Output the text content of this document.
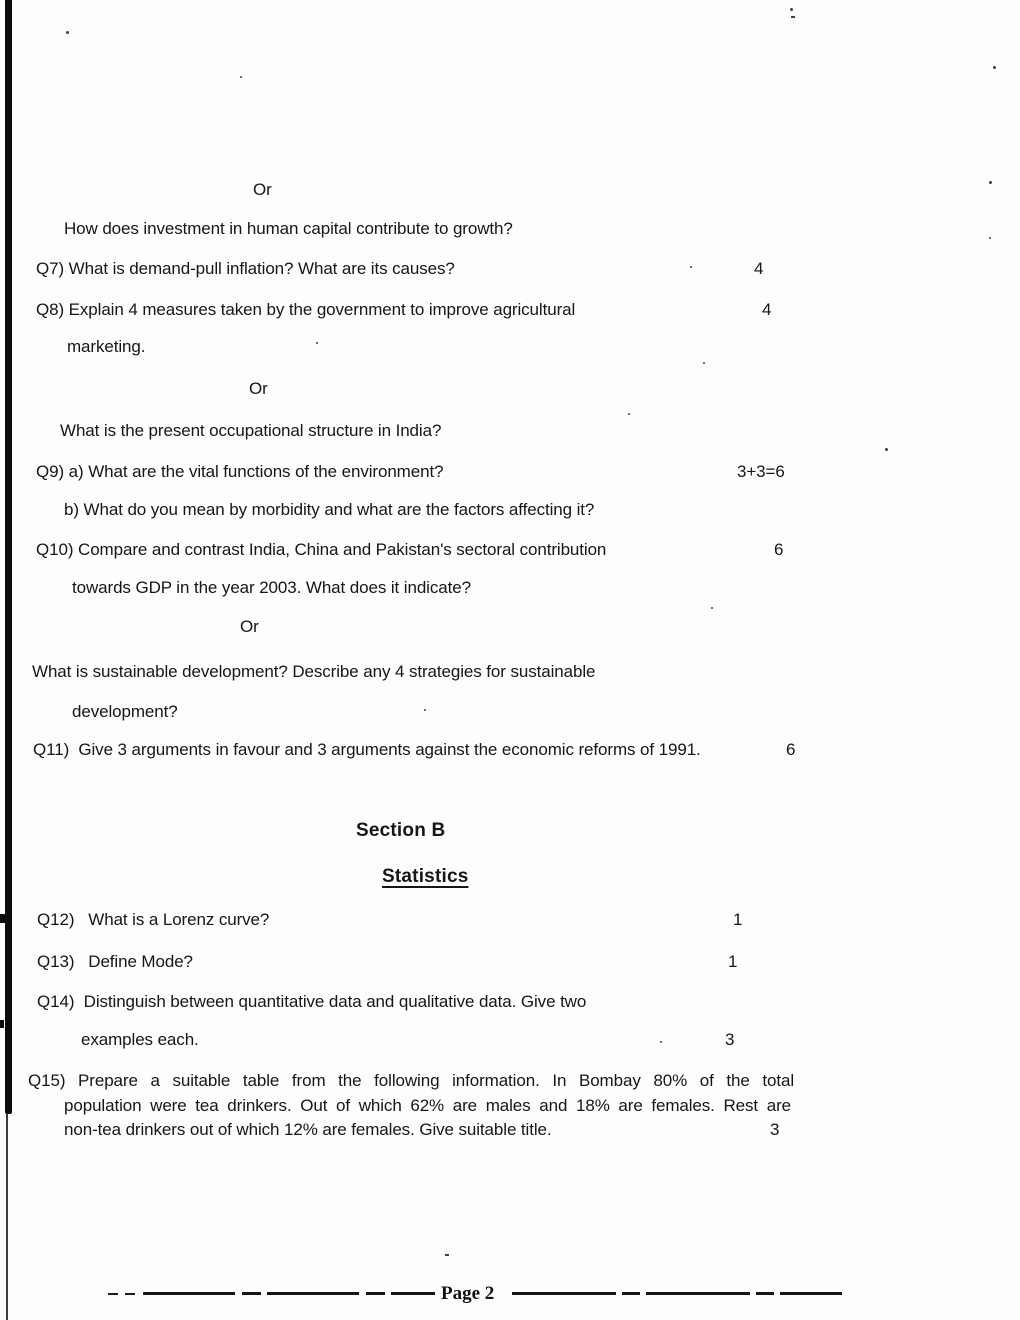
Or
How does investment in human capital contribute to growth?
Q7) What is demand-pull inflation? What are its causes?	4
Q8) Explain 4 measures taken by the government to improve agricultural	4
marketing.
Or
What is the present occupational structure in India?
Q9) a) What are the vital functions of the environment?	3+3=6
b) What do you mean by morbidity and what are the factors affecting it?
Q10) Compare and contrast India, China and Pakistan's sectoral contribution	6
towards GDP in the year 2003. What does it indicate?
Or
What is sustainable development? Describe any 4 strategies for sustainable
development?
Q11)  Give 3 arguments in favour and 3 arguments against the economic reforms of 1991.	6
Section B
Statistics
Q12)   What is a Lorenz curve?	1
Q13)   Define Mode?	1
Q14)  Distinguish between quantitative data and qualitative data. Give two
examples each.	3
Q15) Prepare a suitable table from the following information. In Bombay 80% of the total
population were tea drinkers. Out of which 62% are males and 18% are females. Rest are
non-tea drinkers out of which 12% are females. Give suitable title.	3
Page 2
